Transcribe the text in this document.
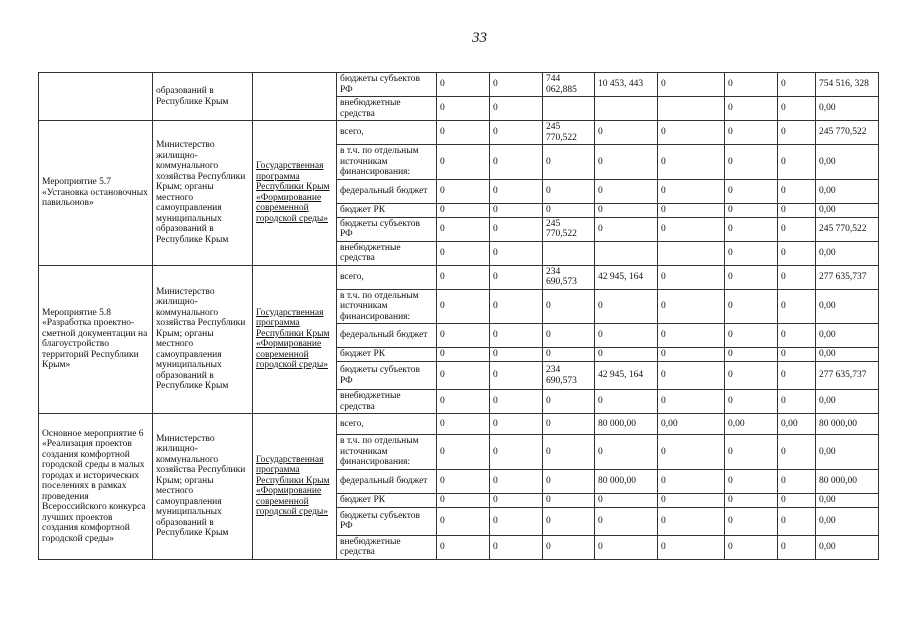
33
	образований в Республике Крым		бюджеты субъектов РФ	0	0	744 062,885	10 453, 443	0	0	0	754 516, 328
			внебюджетные средства	0	0				0	0	0,00
Мероприятие 5.7 «Установка остановочных павильонов»	Министерство жилищно-коммунального хозяйства Республики Крым; органы местного самоуправления муниципальных образований в Республике Крым	Государственная программа Республики Крым «Формирование современной городской среды»	всего,	0	0	245 770,522	0	0	0	0	245 770,522
			в т.ч. по отдельным источникам финансирования:	0	0	0	0	0	0	0	0,00
			федеральный бюджет	0	0	0	0	0	0	0	0,00
			бюджет РК	0	0	0	0	0	0	0	0,00
			бюджеты субъектов РФ	0	0	245 770,522	0	0	0	0	245 770,522
			внебюджетные средства	0	0				0	0	0,00
Мероприятие 5.8 «Разработка проектно-сметной документации на благоустройство территорий Республики Крым»	Министерство жилищно-коммунального хозяйства Республики Крым; органы местного самоуправления муниципальных образований в Республике Крым	Государственная программа Республики Крым «Формирование современной городской среды»	всего,	0	0	234 690,573	42 945, 164	0	0	0	277 635,737
			в т.ч. по отдельным источникам финансирования:	0	0	0	0	0	0	0	0,00
			федеральный бюджет	0	0	0	0	0	0	0	0,00
			бюджет РК	0	0	0	0	0	0	0	0,00
			бюджеты субъектов РФ	0	0	234 690,573	42 945, 164	0	0	0	277 635,737
			внебюджетные средства	0	0	0	0	0	0	0	0,00
Основное мероприятие 6 «Реализация проектов создания комфортной городской среды в малых городах и исторических поселениях в рамках проведения Всероссийского конкурса лучших проектов создания комфортной городской среды»	Министерство жилищно-коммунального хозяйства Республики Крым; органы местного самоуправления муниципальных образований в Республике Крым	Государственная программа Республики Крым «Формирование современной городской среды»	всего,	0	0	0	80 000,00	0,00	0,00	0,00	80 000,00
			в т.ч. по отдельным источникам финансирования:	0	0	0	0	0	0	0	0,00
			федеральный бюджет	0	0	0	80 000,00	0	0	0	80 000,00
			бюджет РК	0	0	0	0	0	0	0	0,00
			бюджеты субъектов РФ	0	0	0	0	0	0	0	0,00
			внебюджетные средства	0	0	0	0	0	0	0	0,00
